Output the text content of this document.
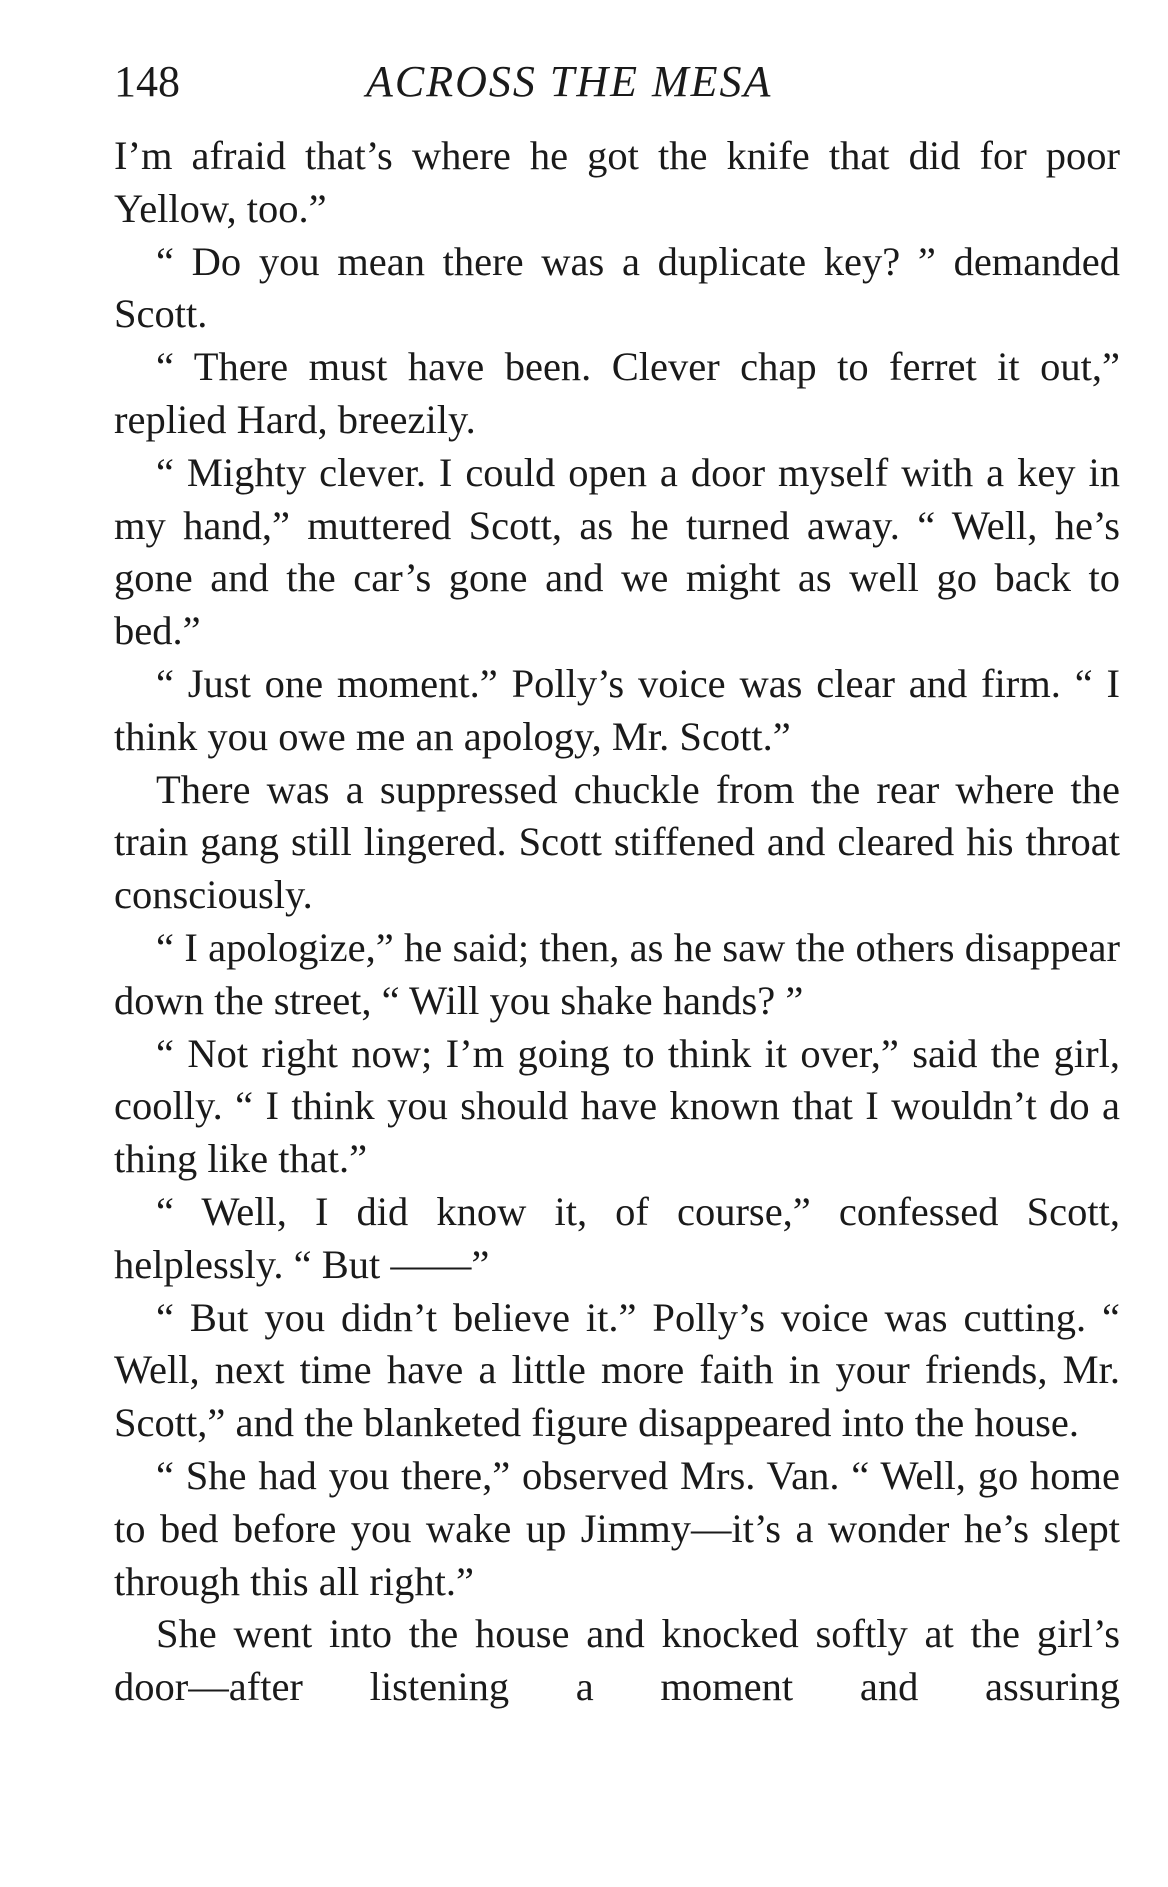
148	ACROSS THE MESA

I’m afraid that’s where he got the knife that did for poor Yellow, too.”

“ Do you mean there was a duplicate key? ” demanded Scott.

“ There must have been. Clever chap to ferret it out,” replied Hard, breezily.

“ Mighty clever. I could open a door myself with a key in my hand,” muttered Scott, as he turned away. “ Well, he’s gone and the car’s gone and we might as well go back to bed.”

“ Just one moment.” Polly’s voice was clear and firm. “ I think you owe me an apology, Mr. Scott.”

There was a suppressed chuckle from the rear where the train gang still lingered. Scott stiffened and cleared his throat consciously.

“ I apologize,” he said; then, as he saw the others disappear down the street, “ Will you shake hands? ”

“ Not right now; I’m going to think it over,” said the girl, coolly. “ I think you should have known that I wouldn’t do a thing like that.”

“ Well, I did know it, of course,” confessed Scott, helplessly. “ But ——”

“ But you didn’t believe it.” Polly’s voice was cutting. “ Well, next time have a little more faith in your friends, Mr. Scott,” and the blanketed figure disappeared into the house.

“ She had you there,” observed Mrs. Van. “ Well, go home to bed before you wake up Jimmy—it’s a wonder he’s slept through this all right.”

She went into the house and knocked softly at the girl’s door—after listening a moment and assuring
